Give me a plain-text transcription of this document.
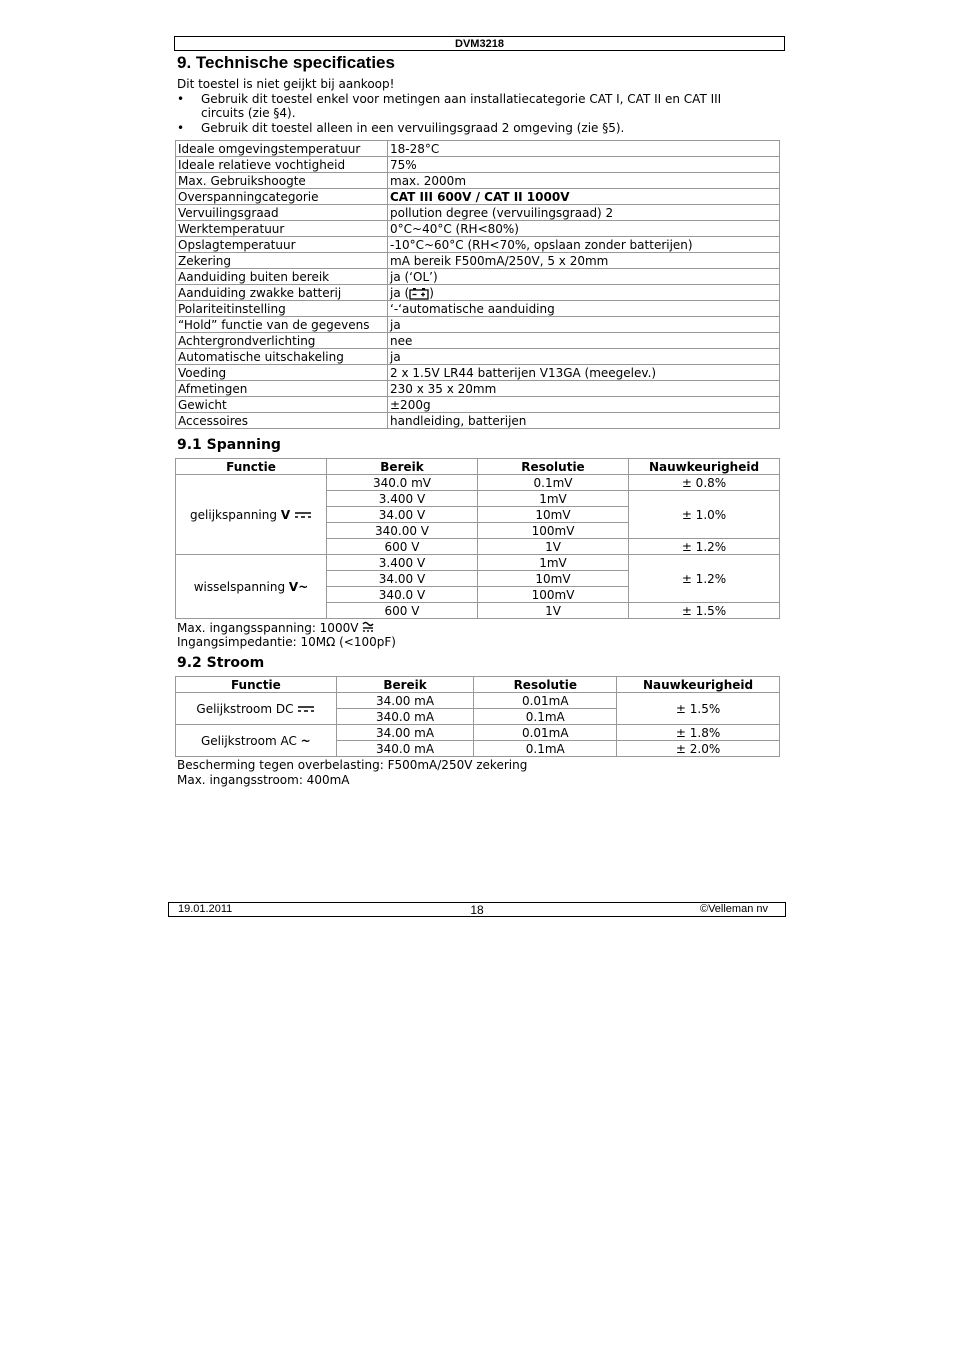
DVM3218
9. Technische specificaties
Dit toestel is niet geijkt bij aankoop!
• Gebruik dit toestel enkel voor metingen aan installatiecategorie CAT I, CAT II en CAT III
circuits (zie §4).
• Gebruik dit toestel alleen in een vervuilingsgraad 2 omgeving (zie §5).
Ideale omgevingstemperatuur	18-28°C
Ideale relatieve vochtigheid	75%
Max. Gebruikshoogte	max. 2000m
Overspanningcategorie	CAT III 600V / CAT II 1000V
Vervuilingsgraad	pollution degree (vervuilingsgraad) 2
Werktemperatuur	0°C~40°C (RH<80%)
Opslagtemperatuur	-10°C~60°C (RH<70%, opslaan zonder batterijen)
Zekering	mA bereik F500mA/250V, 5 x 20mm
Aanduiding buiten bereik	ja (‘OL’)
Aanduiding zwakke batterij	ja ( )
Polariteitinstelling	‘-‘automatische aanduiding
“Hold” functie van de gegevens	ja
Achtergrondverlichting	nee
Automatische uitschakeling	ja
Voeding	2 x 1.5V LR44 batterijen V13GA (meegelev.)
Afmetingen	230 x 35 x 20mm
Gewicht	±200g
Accessoires	handleiding, batterijen
9.1 Spanning
Functie	Bereik	Resolutie	Nauwkeurigheid
gelijkspanning V	340.0 mV	0.1mV	± 0.8%
	3.400 V	1mV	± 1.0%
	34.00 V	10mV	
	340.00 V	100mV	
	600 V	1V	± 1.2%
wisselspanning V~	3.400 V	1mV	± 1.2%
	34.00 V	10mV	
	340.0 V	100mV	
	600 V	1V	± 1.5%
Max. ingangsspanning: 1000V
Ingangsimpedantie: 10MΩ (<100pF)
9.2 Stroom
Functie	Bereik	Resolutie	Nauwkeurigheid
Gelijkstroom DC	34.00 mA	0.01mA	± 1.5%
	340.0 mA	0.1mA	
Gelijkstroom AC ~	34.00 mA	0.01mA	± 1.8%
	340.0 mA	0.1mA	± 2.0%
Bescherming tegen overbelasting: F500mA/250V zekering
Max. ingangsstroom: 400mA
19.01.2011	18	©Velleman nv
